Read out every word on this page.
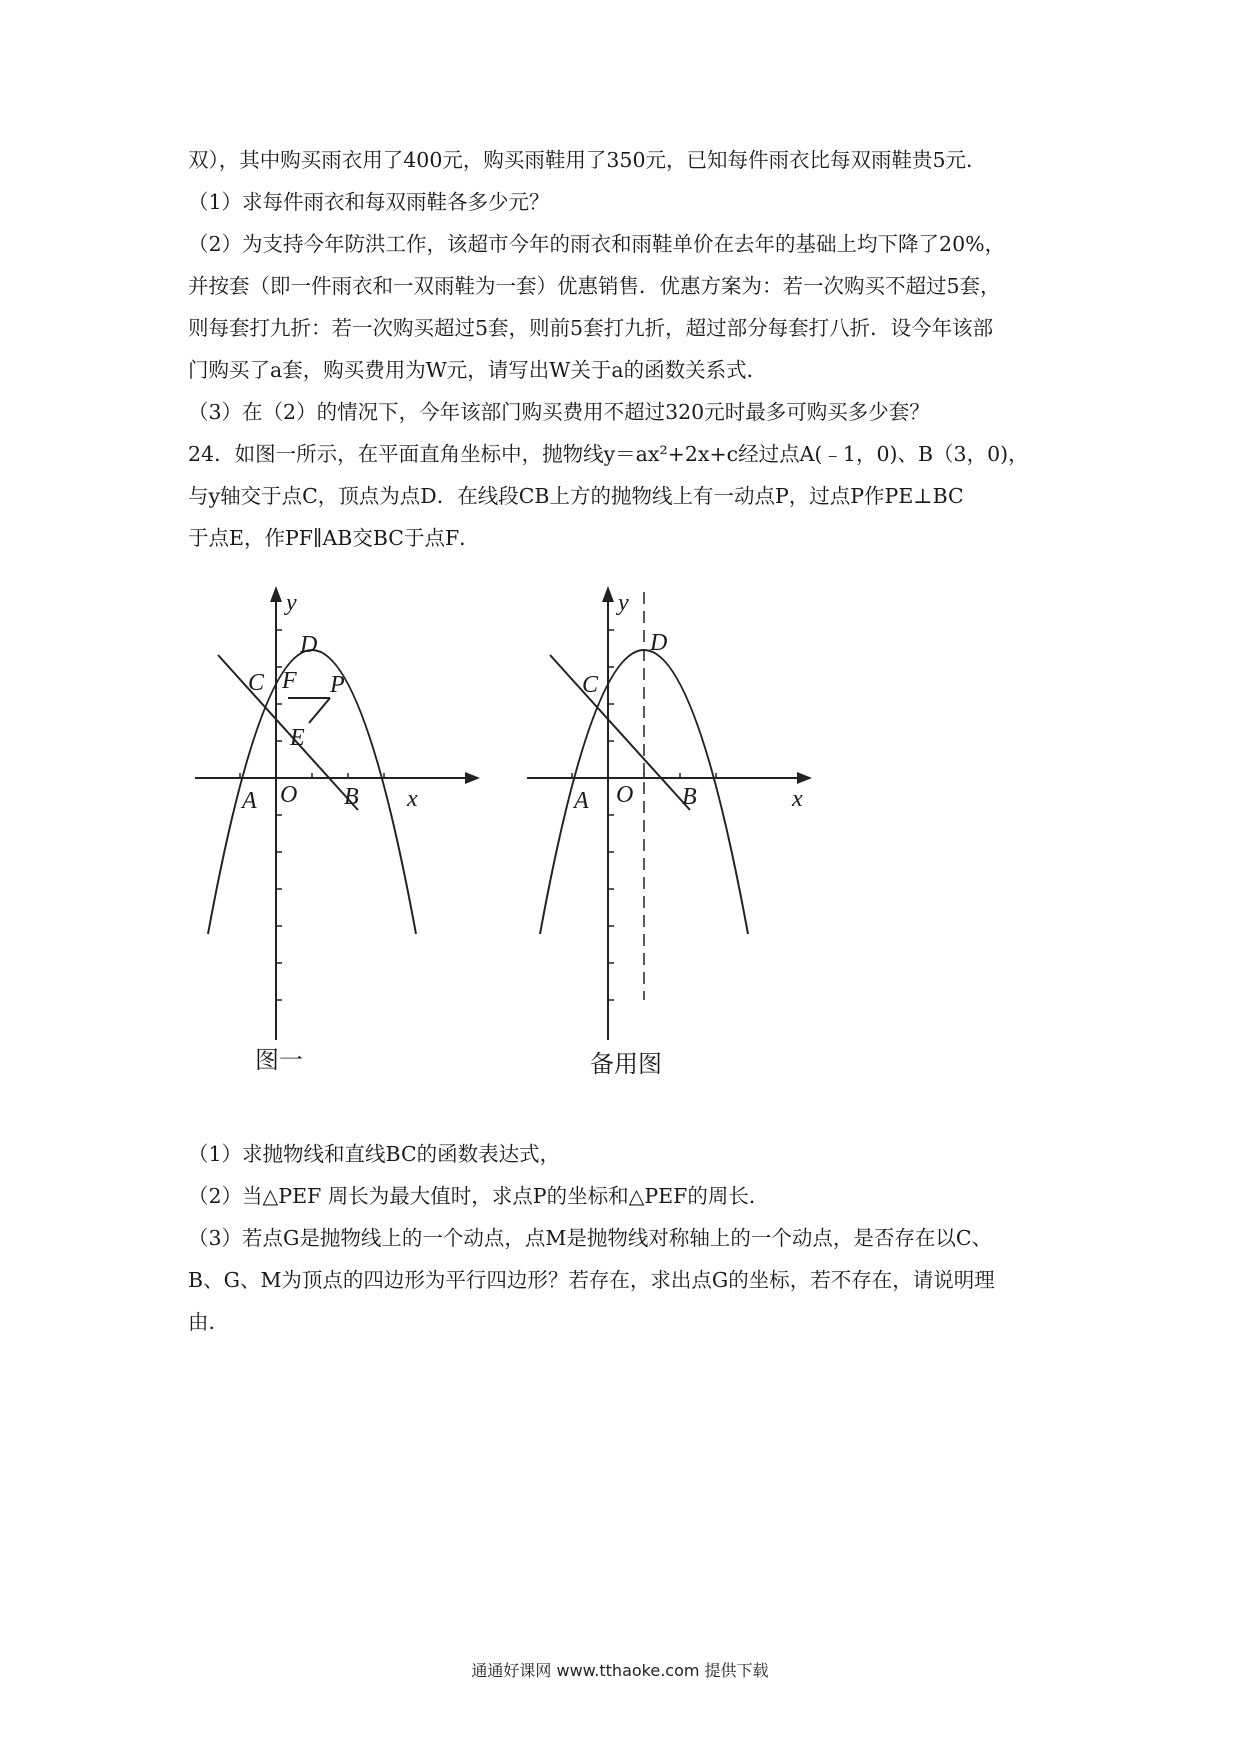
双），其中购买雨衣用了400元，购买雨鞋用了350元，已知每件雨衣比每双雨鞋贵5元．
（1）求每件雨衣和每双雨鞋各多少元？
（2）为支持今年防洪工作，该超市今年的雨衣和雨鞋单价在去年的基础上均下降了20%，
并按套（即一件雨衣和一双雨鞋为一套）优惠销售．优惠方案为：若一次购买不超过5套，
则每套打九折：若一次购买超过5套，则前5套打九折，超过部分每套打八折．设今年该部
门购买了a套，购买费用为W元，请写出W关于a的函数关系式．
（3）在（2）的情况下，今年该部门购买费用不超过320元时最多可购买多少套？
24．如图一所示，在平面直角坐标中，抛物线y＝ax²+2x+c经过点A(﹣1，0)、B（3，0)，
与y轴交于点C，顶点为点D．在线段CB上方的抛物线上有一动点P，过点P作PE⊥BC
于点E，作PF∥AB交BC于点F．
y
x
D
C F P
E
A O B
图一
y
x
D
C
A O B
备用图
（1）求抛物线和直线BC的函数表达式，
（2）当△PEF 周长为最大值时，求点P的坐标和△PEF的周长．
（3）若点G是抛物线上的一个动点，点M是抛物线对称轴上的一个动点，是否存在以C、
B、G、M为顶点的四边形为平行四边形？若存在，求出点G的坐标，若不存在，请说明理
由．
通通好课网 www.tthaoke.com 提供下载
